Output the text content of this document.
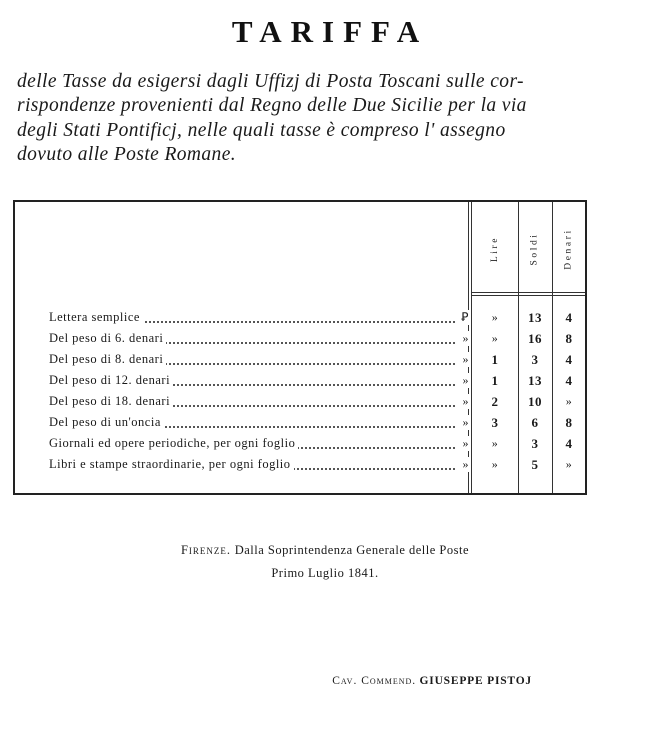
TARIFFA
delle Tasse da esigersi dagli Uffizj di Posta Toscani sulle cor-
rispondenze provenienti dal Regno delle Due Sicilie per la via
degli Stati Pontificj, nelle quali tasse è compreso l' assegno
dovuto alle Poste Romane.
Lire	Soldi	Denari
Lettera semplice	Ꝑ	»	13	4
Del peso di 6. denari	»	»	16	8
Del peso di 8. denari	»	1	3	4
Del peso di 12. denari	»	1	13	4
Del peso di 18. denari	»	2	10	»
Del peso di un'oncia	»	3	6	8
Giornali ed opere periodiche, per ogni foglio	»	»	3	4
Libri e stampe straordinarie, per ogni foglio	»	»	5	»
Firenze. Dalla Soprintendenza Generale delle Poste
Primo Luglio 1841.
Cav. Commend. GIUSEPPE PISTOJ
